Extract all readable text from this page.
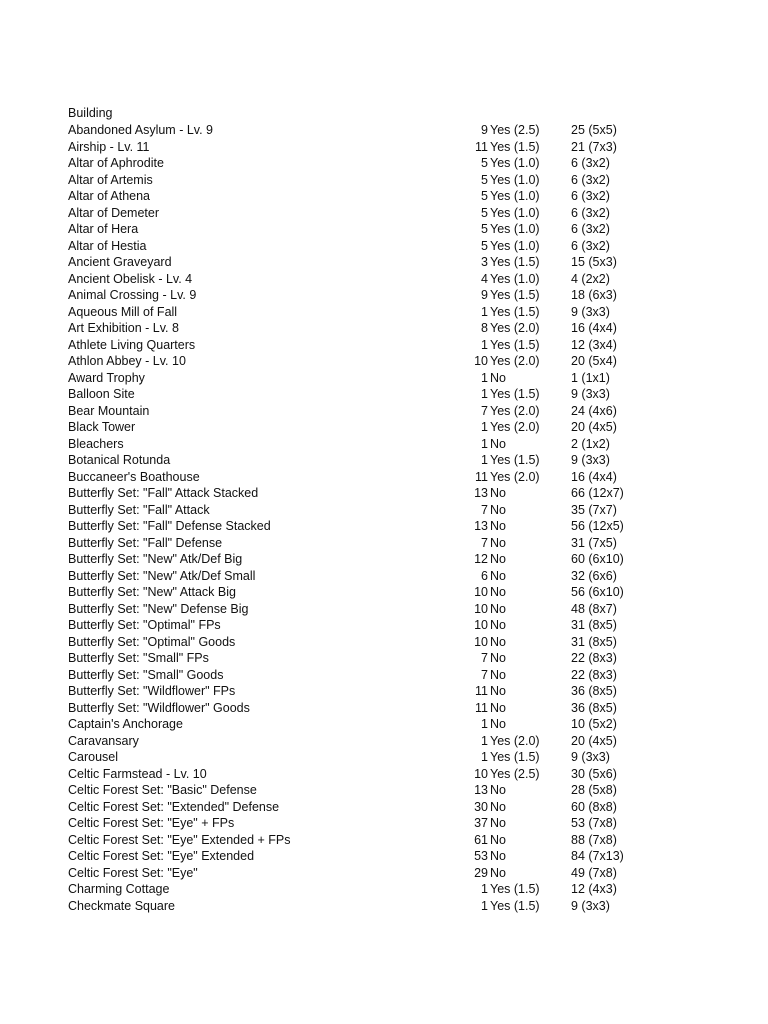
Building
Abandoned Asylum - Lv. 9	9 Yes (2.5)	25 (5x5)
Airship - Lv. 11	11 Yes (1.5)	21 (7x3)
Altar of Aphrodite	5 Yes (1.0)	6 (3x2)
Altar of Artemis	5 Yes (1.0)	6 (3x2)
Altar of Athena	5 Yes (1.0)	6 (3x2)
Altar of Demeter	5 Yes (1.0)	6 (3x2)
Altar of Hera	5 Yes (1.0)	6 (3x2)
Altar of Hestia	5 Yes (1.0)	6 (3x2)
Ancient Graveyard	3 Yes (1.5)	15 (5x3)
Ancient Obelisk - Lv. 4	4 Yes (1.0)	4 (2x2)
Animal Crossing - Lv. 9	9 Yes (1.5)	18 (6x3)
Aqueous Mill of Fall	1 Yes (1.5)	9 (3x3)
Art Exhibition - Lv. 8	8 Yes (2.0)	16 (4x4)
Athlete Living Quarters	1 Yes (1.5)	12 (3x4)
Athlon Abbey - Lv. 10	10 Yes (2.0)	20 (5x4)
Award Trophy	1 No	1 (1x1)
Balloon Site	1 Yes (1.5)	9 (3x3)
Bear Mountain	7 Yes (2.0)	24 (4x6)
Black Tower	1 Yes (2.0)	20 (4x5)
Bleachers	1 No	2 (1x2)
Botanical Rotunda	1 Yes (1.5)	9 (3x3)
Buccaneer's Boathouse	11 Yes (2.0)	16 (4x4)
Butterfly Set: "Fall" Attack Stacked	13 No	66 (12x7)
Butterfly Set: "Fall" Attack	7 No	35 (7x7)
Butterfly Set: "Fall" Defense Stacked	13 No	56 (12x5)
Butterfly Set: "Fall" Defense	7 No	31 (7x5)
Butterfly Set: "New" Atk/Def Big	12 No	60 (6x10)
Butterfly Set: "New" Atk/Def Small	6 No	32 (6x6)
Butterfly Set: "New" Attack Big	10 No	56 (6x10)
Butterfly Set: "New" Defense Big	10 No	48 (8x7)
Butterfly Set: "Optimal" FPs	10 No	31 (8x5)
Butterfly Set: "Optimal" Goods	10 No	31 (8x5)
Butterfly Set: "Small" FPs	7 No	22 (8x3)
Butterfly Set: "Small" Goods	7 No	22 (8x3)
Butterfly Set: "Wildflower" FPs	11 No	36 (8x5)
Butterfly Set: "Wildflower" Goods	11 No	36 (8x5)
Captain's Anchorage	1 No	10 (5x2)
Caravansary	1 Yes (2.0)	20 (4x5)
Carousel	1 Yes (1.5)	9 (3x3)
Celtic Farmstead - Lv. 10	10 Yes (2.5)	30 (5x6)
Celtic Forest Set: "Basic" Defense	13 No	28 (5x8)
Celtic Forest Set: "Extended" Defense	30 No	60 (8x8)
Celtic Forest Set: "Eye" + FPs	37 No	53 (7x8)
Celtic Forest Set: "Eye" Extended + FPs	61 No	88 (7x8)
Celtic Forest Set: "Eye" Extended	53 No	84 (7x13)
Celtic Forest Set: "Eye"	29 No	49 (7x8)
Charming Cottage	1 Yes (1.5)	12 (4x3)
Checkmate Square	1 Yes (1.5)	9 (3x3)
